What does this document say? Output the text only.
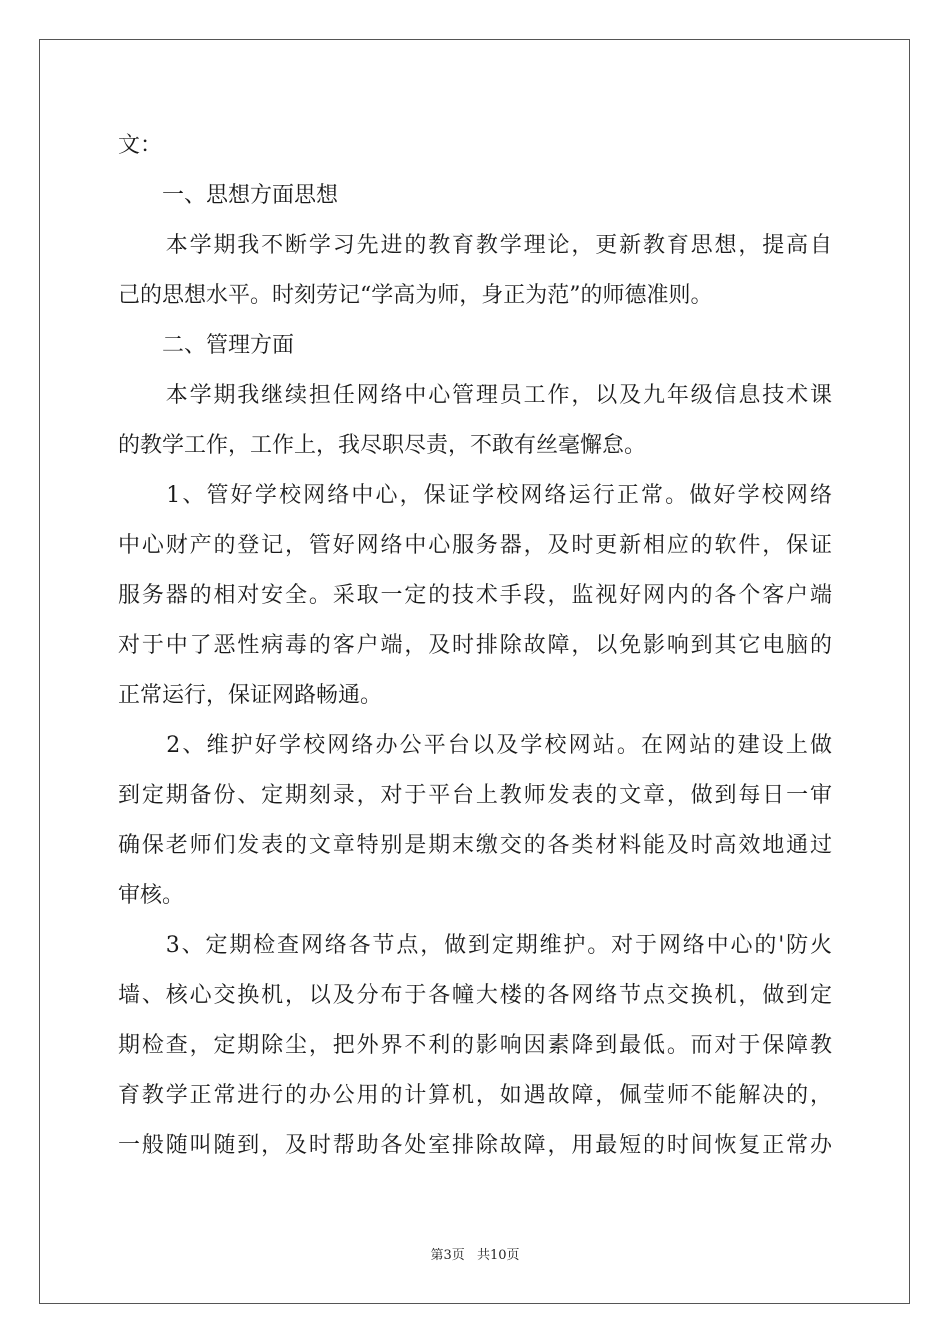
文：

　　一、思想方面思想

　　本学期我不断学习先进的教育教学理论，更新教育思想，提高自

己的思想水平。时刻劳记“学高为师，身正为范”的师德准则。

　　二、管理方面

　　本学期我继续担任网络中心管理员工作，以及九年级信息技术课

的教学工作，工作上，我尽职尽责，不敢有丝毫懈怠。

　　1、管好学校网络中心，保证学校网络运行正常。做好学校网络

中心财产的登记，管好网络中心服务器，及时更新相应的软件，保证

服务器的相对安全。采取一定的技术手段，监视好网内的各个客户端

对于中了恶性病毒的客户端，及时排除故障，以免影响到其它电脑的

正常运行，保证网路畅通。

　　2、维护好学校网络办公平台以及学校网站。在网站的建设上做

到定期备份、定期刻录，对于平台上教师发表的文章，做到每日一审

确保老师们发表的文章特别是期末缴交的各类材料能及时高效地通过

审核。

　　3、定期检查网络各节点，做到定期维护。对于网络中心的'防火

墙、核心交换机，以及分布于各幢大楼的各网络节点交换机，做到定

期检查，定期除尘，把外界不利的影响因素降到最低。而对于保障教

育教学正常进行的办公用的计算机，如遇故障，佩莹师不能解决的，

一般随叫随到，及时帮助各处室排除故障，用最短的时间恢复正常办

第3页 共10页
